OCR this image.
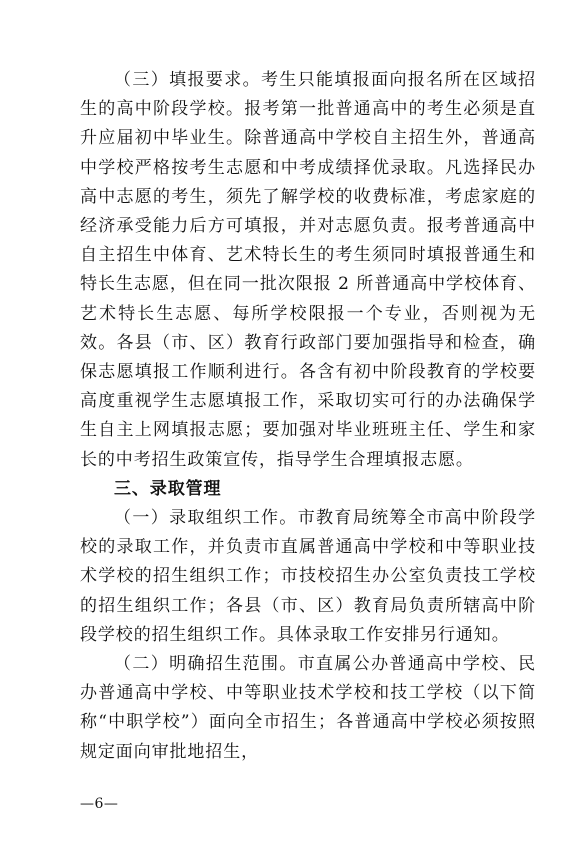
（三）填报要求。考生只能填报面向报名所在区域招生的高中阶段学校。报考第一批普通高中的考生必须是直升应届初中毕业生。除普通高中学校自主招生外，普通高中学校严格按考生志愿和中考成绩择优录取。凡选择民办高中志愿的考生，须先了解学校的收费标准，考虑家庭的经济承受能力后方可填报，并对志愿负责。报考普通高中自主招生中体育、艺术特长生的考生须同时填报普通生和特长生志愿，但在同一批次限报 2 所普通高中学校体育、艺术特长生志愿、每所学校限报一个专业，否则视为无效。各县（市、区）教育行政部门要加强指导和检查，确保志愿填报工作顺利进行。各含有初中阶段教育的学校要高度重视学生志愿填报工作，采取切实可行的办法确保学生自主上网填报志愿；要加强对毕业班班主任、学生和家长的中考招生政策宣传，指导学生合理填报志愿。

三、录取管理

（一）录取组织工作。市教育局统筹全市高中阶段学校的录取工作，并负责市直属普通高中学校和中等职业技术学校的招生组织工作；市技校招生办公室负责技工学校的招生组织工作；各县（市、区）教育局负责所辖高中阶段学校的招生组织工作。具体录取工作安排另行通知。

（二）明确招生范围。市直属公办普通高中学校、民办普通高中学校、中等职业技术学校和技工学校（以下简称“中职学校”）面向全市招生；各普通高中学校必须按照规定面向审批地招生，

—6—
